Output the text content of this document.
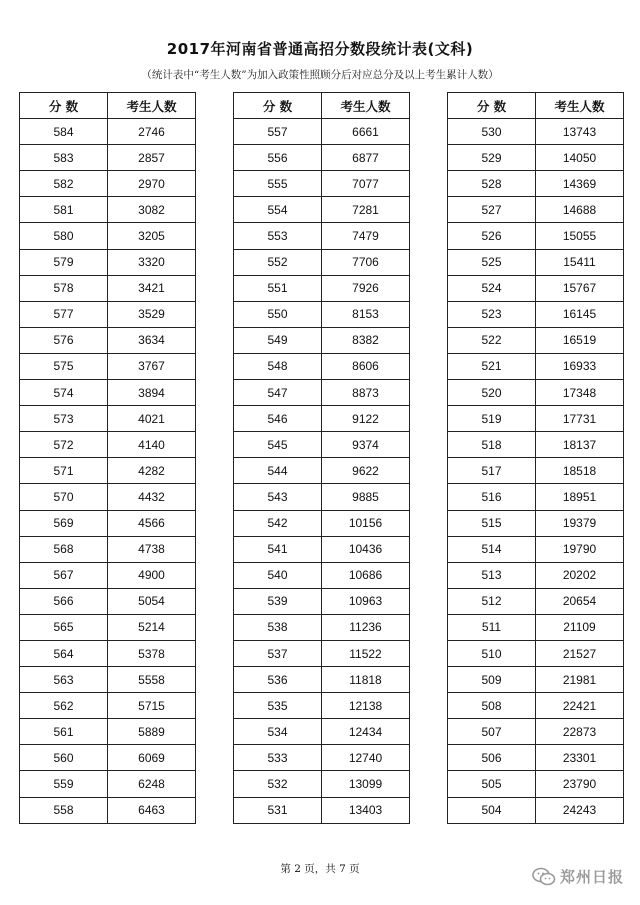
2017年河南省普通高招分数段统计表(文科)
（统计表中“考生人数”为加入政策性照顾分后对应总分及以上考生累计人数）
分 数	考生人数
584	2746
583	2857
582	2970
581	3082
580	3205
579	3320
578	3421
577	3529
576	3634
575	3767
574	3894
573	4021
572	4140
571	4282
570	4432
569	4566
568	4738
567	4900
566	5054
565	5214
564	5378
563	5558
562	5715
561	5889
560	6069
559	6248
558	6463
分 数	考生人数
557	6661
556	6877
555	7077
554	7281
553	7479
552	7706
551	7926
550	8153
549	8382
548	8606
547	8873
546	9122
545	9374
544	9622
543	9885
542	10156
541	10436
540	10686
539	10963
538	11236
537	11522
536	11818
535	12138
534	12434
533	12740
532	13099
531	13403
分 数	考生人数
530	13743
529	14050
528	14369
527	14688
526	15055
525	15411
524	15767
523	16145
522	16519
521	16933
520	17348
519	17731
518	18137
517	18518
516	18951
515	19379
514	19790
513	20202
512	20654
511	21109
510	21527
509	21981
508	22421
507	22873
506	23301
505	23790
504	24243
第 2 页，共 7 页	郑州日报
